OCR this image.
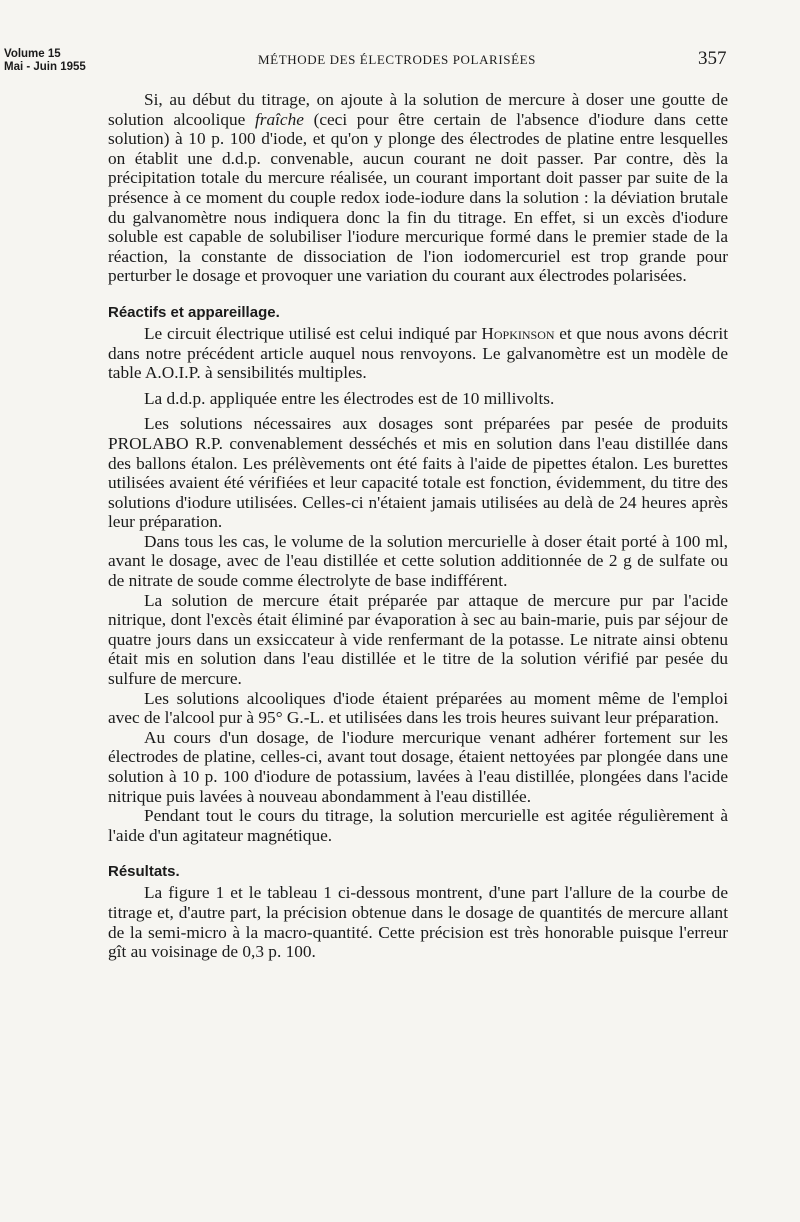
Volume 15
Mai - Juin 1955	MÉTHODE DES ÉLECTRODES POLARISÉES	357

Si, au début du titrage, on ajoute à la solution de mercure à doser une goutte de solution alcoolique fraîche (ceci pour être certain de l'absence d'iodure dans cette solution) à 10 p. 100 d'iode, et qu'on y plonge des électrodes de platine entre lesquelles on établit une d.d.p. convenable, aucun courant ne doit passer. Par contre, dès la précipitation totale du mercure réalisée, un courant important doit passer par suite de la présence à ce moment du couple redox iode-iodure dans la solution : la déviation brutale du galvanomètre nous indiquera donc la fin du titrage. En effet, si un excès d'iodure soluble est capable de solubiliser l'iodure mercurique formé dans le premier stade de la réaction, la constante de dissociation de l'ion iodomercuriel est trop grande pour perturber le dosage et provoquer une variation du courant aux électrodes polarisées.

Réactifs et appareillage.

Le circuit électrique utilisé est celui indiqué par Hopkinson et que nous avons décrit dans notre précédent article auquel nous renvoyons. Le galvanomètre est un modèle de table A.O.I.P. à sensibilités multiples.

La d.d.p. appliquée entre les électrodes est de 10 millivolts.

Les solutions nécessaires aux dosages sont préparées par pesée de produits PROLABO R.P. convenablement desséchés et mis en solution dans l'eau distillée dans des ballons étalon. Les prélèvements ont été faits à l'aide de pipettes étalon. Les burettes utilisées avaient été vérifiées et leur capacité totale est fonction, évidemment, du titre des solutions d'iodure utilisées. Celles-ci n'étaient jamais utilisées au delà de 24 heures après leur préparation.

Dans tous les cas, le volume de la solution mercurielle à doser était porté à 100 ml, avant le dosage, avec de l'eau distillée et cette solution additionnée de 2 g de sulfate ou de nitrate de soude comme électrolyte de base indifférent.

La solution de mercure était préparée par attaque de mercure pur par l'acide nitrique, dont l'excès était éliminé par évaporation à sec au bain-marie, puis par séjour de quatre jours dans un exsiccateur à vide renfermant de la potasse. Le nitrate ainsi obtenu était mis en solution dans l'eau distillée et le titre de la solution vérifié par pesée du sulfure de mercure.

Les solutions alcooliques d'iode étaient préparées au moment même de l'emploi avec de l'alcool pur à 95° G.-L. et utilisées dans les trois heures suivant leur préparation.

Au cours d'un dosage, de l'iodure mercurique venant adhérer fortement sur les électrodes de platine, celles-ci, avant tout dosage, étaient nettoyées par plongée dans une solution à 10 p. 100 d'iodure de potassium, lavées à l'eau distillée, plongées dans l'acide nitrique puis lavées à nouveau abondamment à l'eau distillée.

Pendant tout le cours du titrage, la solution mercurielle est agitée régulièrement à l'aide d'un agitateur magnétique.

Résultats.

La figure 1 et le tableau 1 ci-dessous montrent, d'une part l'allure de la courbe de titrage et, d'autre part, la précision obtenue dans le dosage de quantités de mercure allant de la semi-micro à la macro-quantité. Cette précision est très honorable puisque l'erreur gît au voisinage de 0,3 p. 100.
